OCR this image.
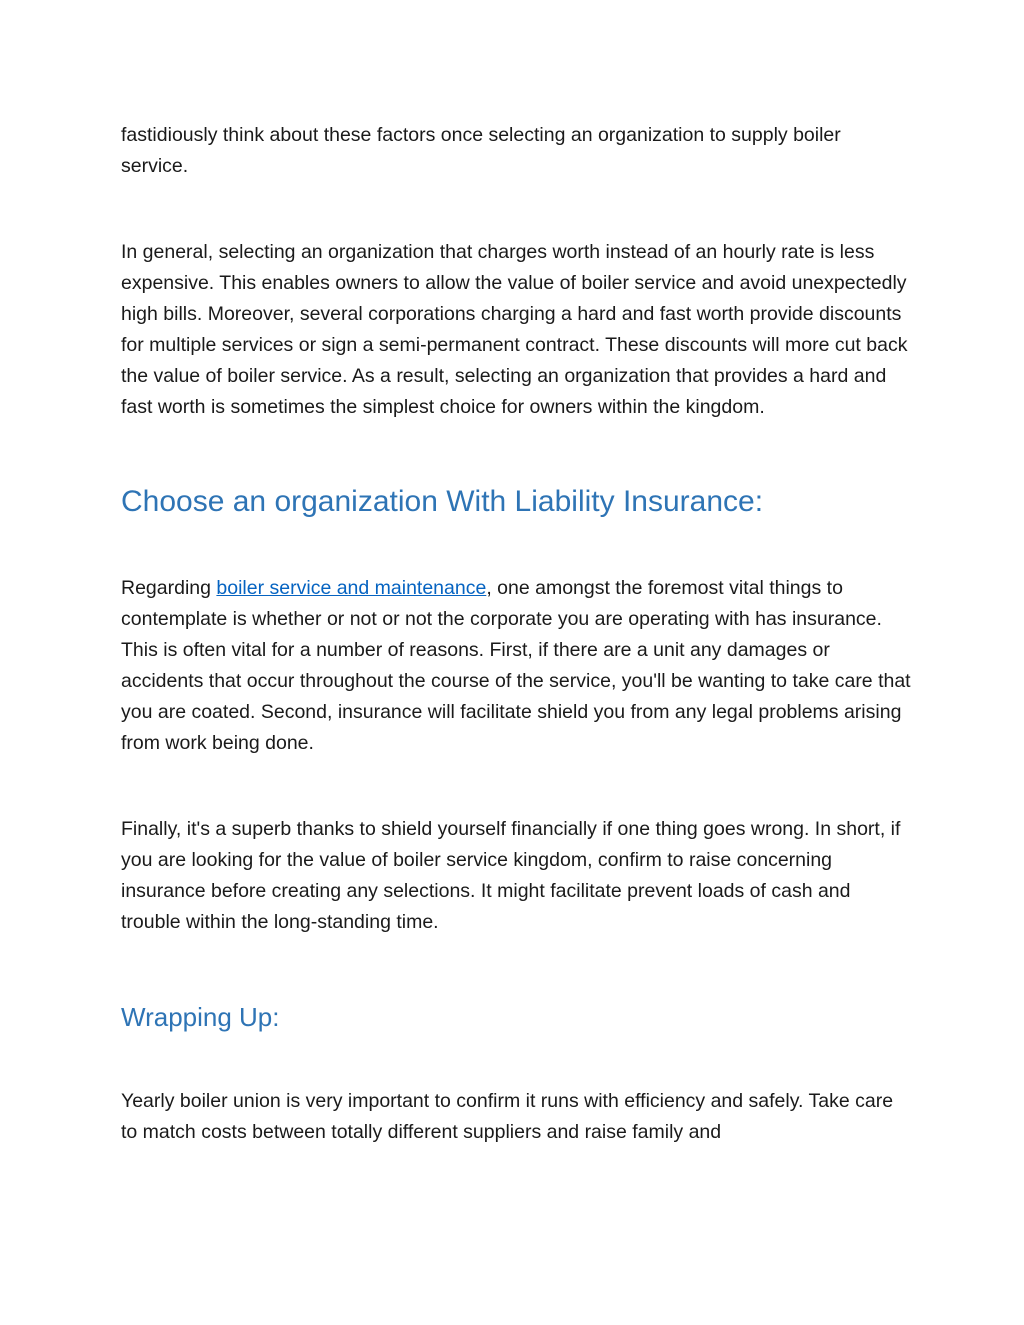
fastidiously think about these factors once selecting an organization to supply boiler service.

In general, selecting an organization that charges worth instead of an hourly rate is less expensive. This enables owners to allow the value of boiler service and avoid unexpectedly high bills. Moreover, several corporations charging a hard and fast worth provide discounts for multiple services or sign a semi-permanent contract. These discounts will more cut back the value of boiler service. As a result, selecting an organization that provides a hard and fast worth is sometimes the simplest choice for owners within the kingdom.

Choose an organization With Liability Insurance:

Regarding boiler service and maintenance, one amongst the foremost vital things to contemplate is whether or not or not the corporate you are operating with has insurance. This is often vital for a number of reasons. First, if there are a unit any damages or accidents that occur throughout the course of the service, you'll be wanting to take care that you are coated. Second, insurance will facilitate shield you from any legal problems arising from work being done.

Finally, it's a superb thanks to shield yourself financially if one thing goes wrong. In short, if you are looking for the value of boiler service kingdom, confirm to raise concerning insurance before creating any selections. It might facilitate prevent loads of cash and trouble within the long-standing time.

Wrapping Up:

Yearly boiler union is very important to confirm it runs with efficiency and safely. Take care to match costs between totally different suppliers and raise family and
